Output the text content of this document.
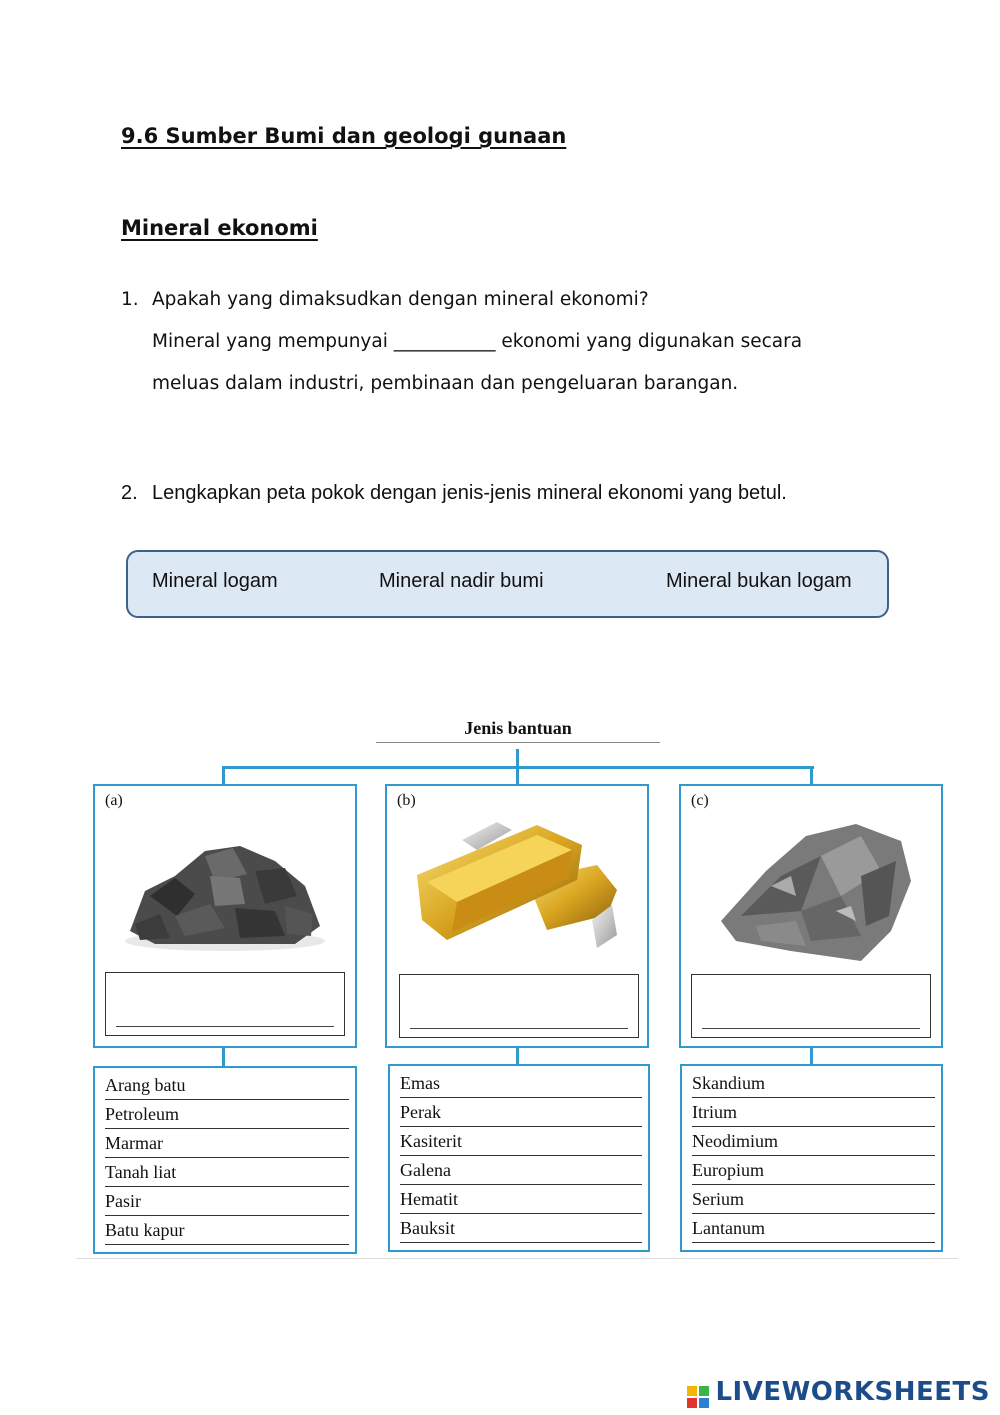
9.6 Sumber Bumi dan geologi gunaan
Mineral ekonomi
1. Apakah yang dimaksudkan dengan mineral ekonomi?
Mineral yang mempunyai ___________ ekonomi yang digunakan secara
meluas dalam industri, pembinaan dan pengeluaran barangan.
2. Lengkapkan peta pokok dengan jenis-jenis mineral ekonomi yang betul.
Mineral logam	Mineral nadir bumi	Mineral bukan logam
Jenis bantuan
(a)	(b)	(c)
Arang batu
Petroleum
Marmar
Tanah liat
Pasir
Batu kapur
Emas
Perak
Kasiterit
Galena
Hematit
Bauksit
Skandium
Itrium
Neodimium
Europium
Serium
Lantanum
LIVEWORKSHEETS
